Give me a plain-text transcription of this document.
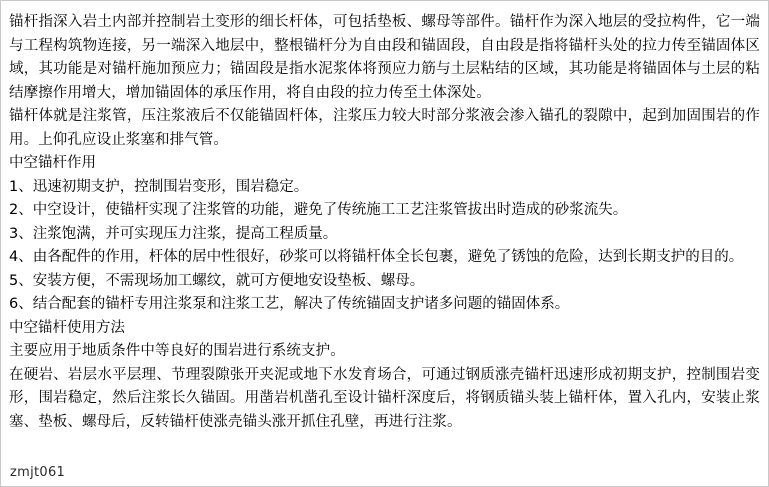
锚杆指深入岩土内部并控制岩土变形的细长杆体，可包括垫板、螺母等部件。锚杆作为深入地层的受拉构件，它一端与工程构筑物连接，另一端深入地层中，整根锚杆分为自由段和锚固段，自由段是指将锚杆头处的拉力传至锚固体区域，其功能是对锚杆施加预应力；锚固段是指水泥浆体将预应力筋与土层粘结的区域，其功能是将锚固体与土层的粘结摩擦作用增大，增加锚固体的承压作用，将自由段的拉力传至土体深处。

锚杆体就是注浆管，压注浆液后不仅能锚固杆体，注浆压力较大时部分浆液会渗入锚孔的裂隙中，起到加固围岩的作用。上仰孔应设止浆塞和排气管。

中空锚杆作用

1、迅速初期支护，控制围岩变形，围岩稳定。

2、中空设计，使锚杆实现了注浆管的功能，避免了传统施工工艺注浆管拔出时造成的砂浆流失。

3、注浆饱满，并可实现压力注浆，提高工程质量。

4、由各配件的作用，杆体的居中性很好，砂浆可以将锚杆体全长包裹，避免了锈蚀的危险，达到长期支护的目的。

5、安装方便，不需现场加工螺纹，就可方便地安设垫板、螺母。

6、结合配套的锚杆专用注浆泵和注浆工艺，解决了传统锚固支护诸多问题的锚固体系。

中空锚杆使用方法

主要应用于地质条件中等良好的围岩进行系统支护。

在硬岩、岩层水平层理、节理裂隙张开夹泥或地下水发育场合，可通过钢质涨壳锚杆迅速形成初期支护，控制围岩变形，围岩稳定，然后注浆长久锚固。用凿岩机凿孔至设计锚杆深度后，将钢质锚头装上锚杆体，置入孔内，安装止浆塞、垫板、螺母后，反转锚杆使涨壳锚头涨开抓住孔壁，再进行注浆。

zmjt061
